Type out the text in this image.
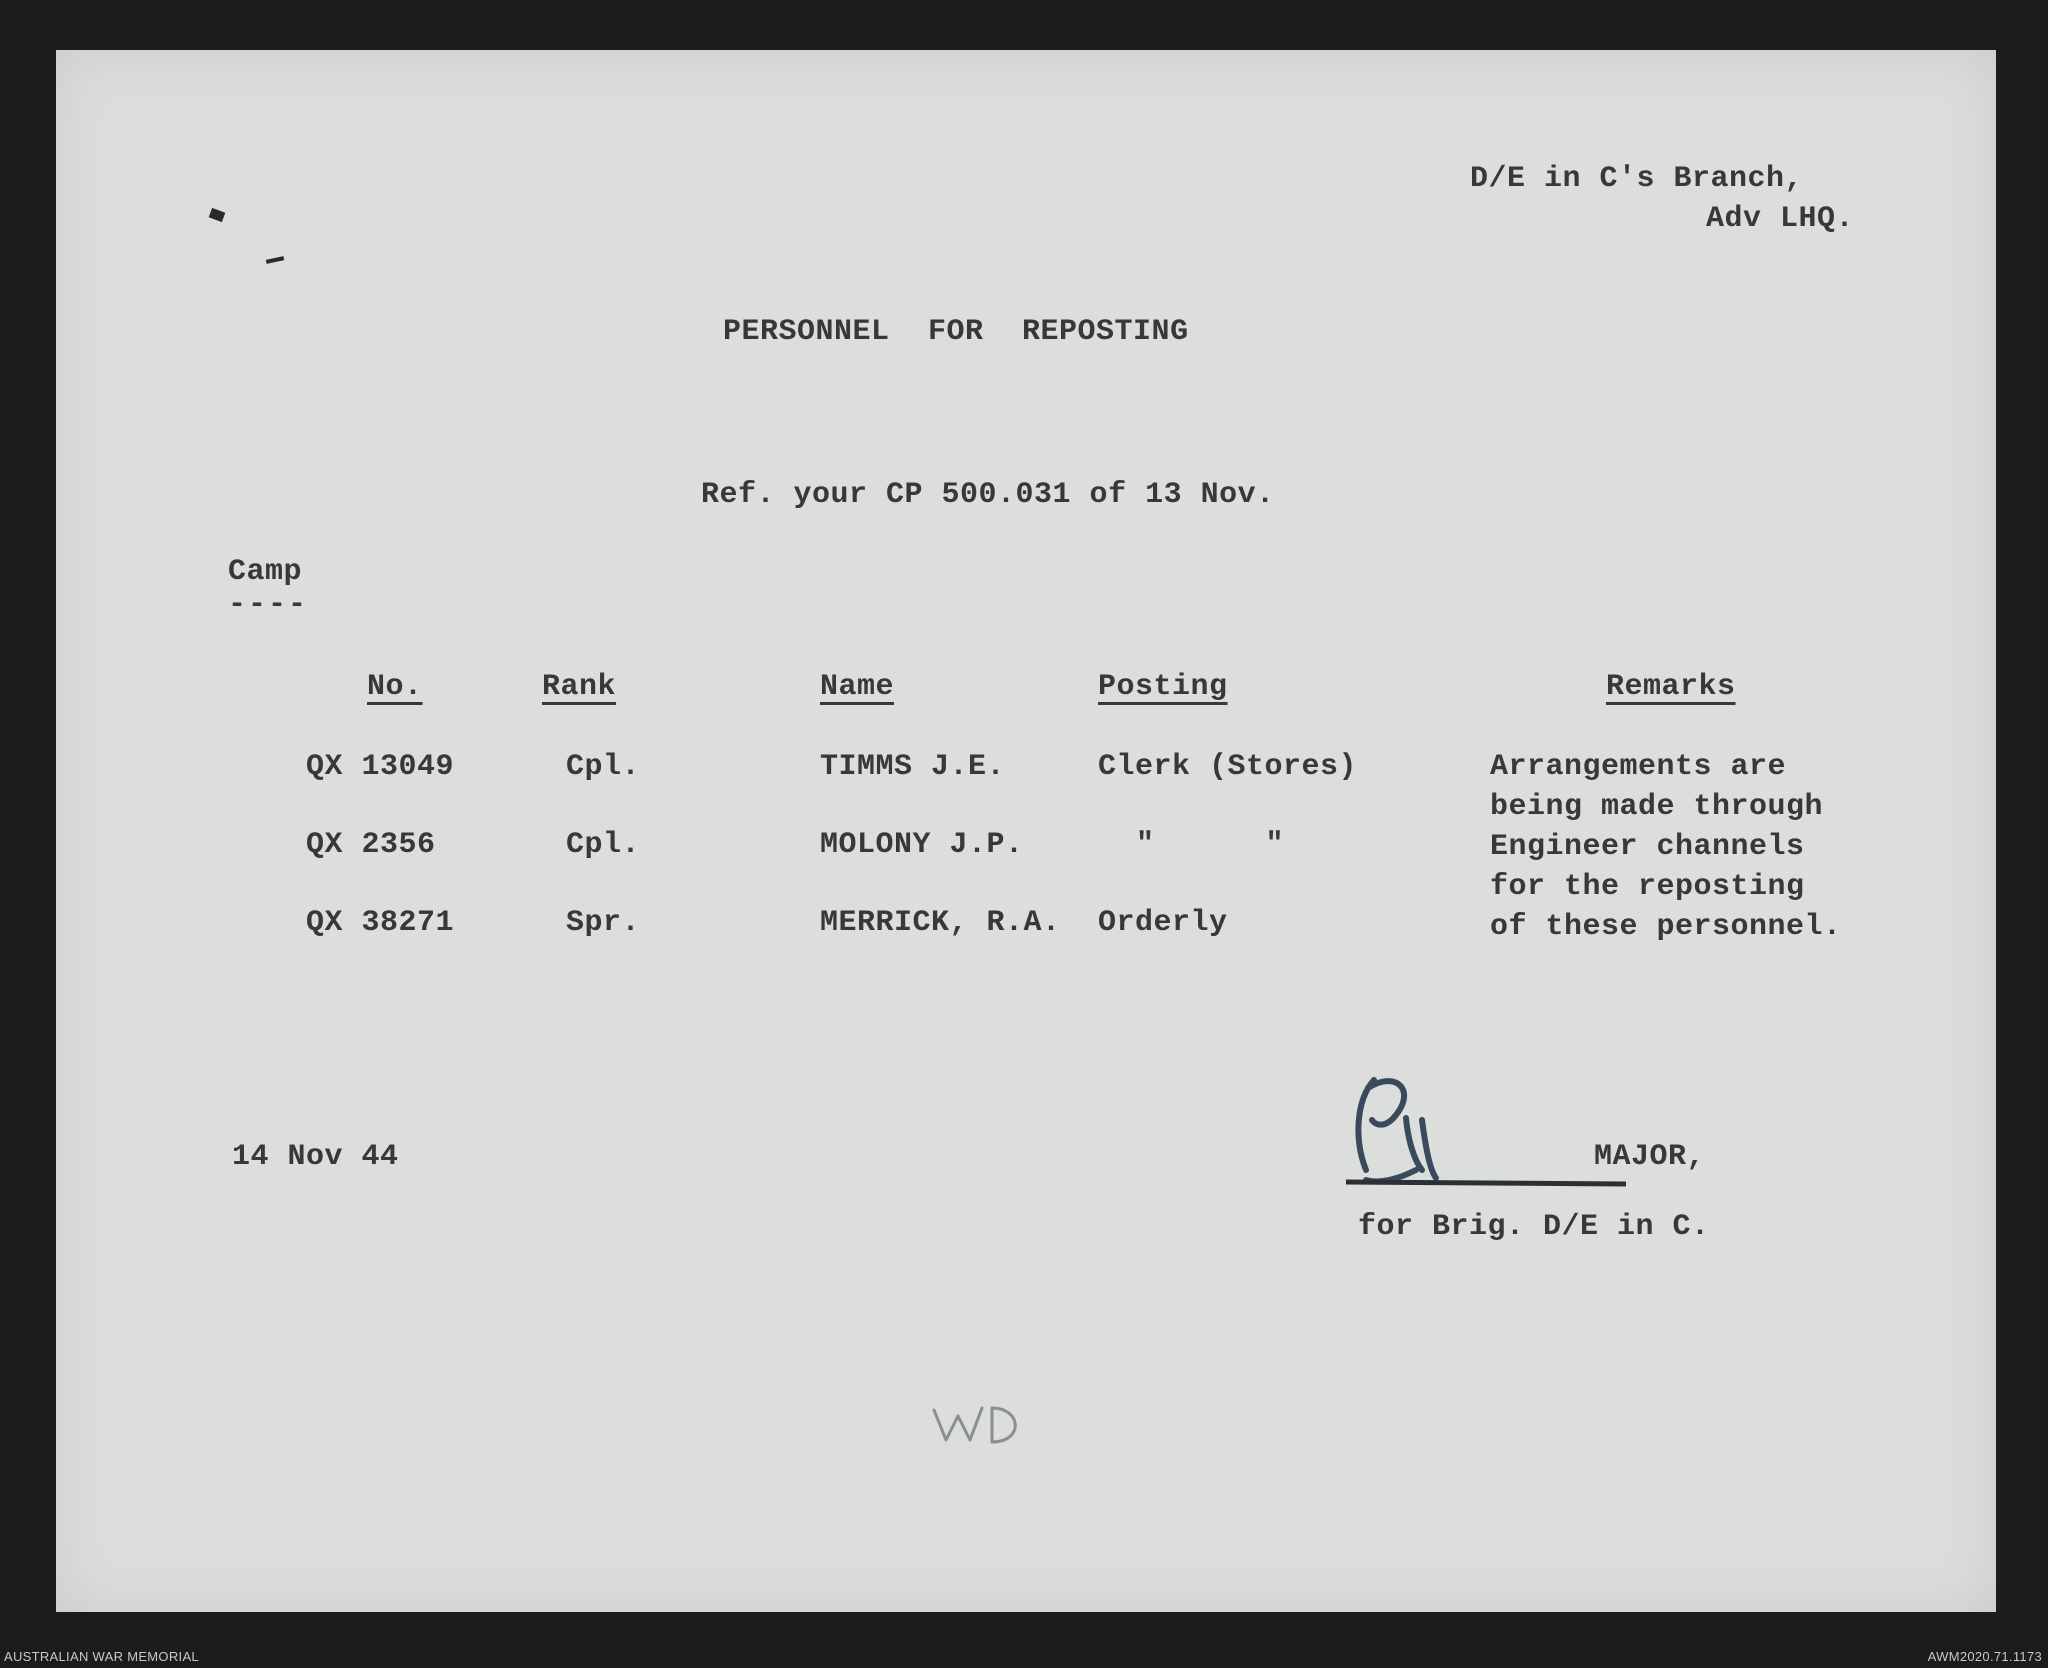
D/E in C's Branch,
Adv LHQ.
PERSONNEL FOR REPOSTING
Ref. your CP 500.031 of 13 Nov.
Camp
----
No.	Rank	Name	Posting	Remarks
QX 13049	Cpl.	TIMMS J.E.	Clerk (Stores)
QX 2356	Cpl.	MOLONY J.P.	"      "
QX 38271	Spr.	MERRICK, R.A. Orderly
Arrangements are
being made through
Engineer channels
for the reposting
of these personnel.
14 Nov 44	MAJOR,
for Brig. D/E in C.
AUSTRALIAN WAR MEMORIAL	AWM2020.71.1173
